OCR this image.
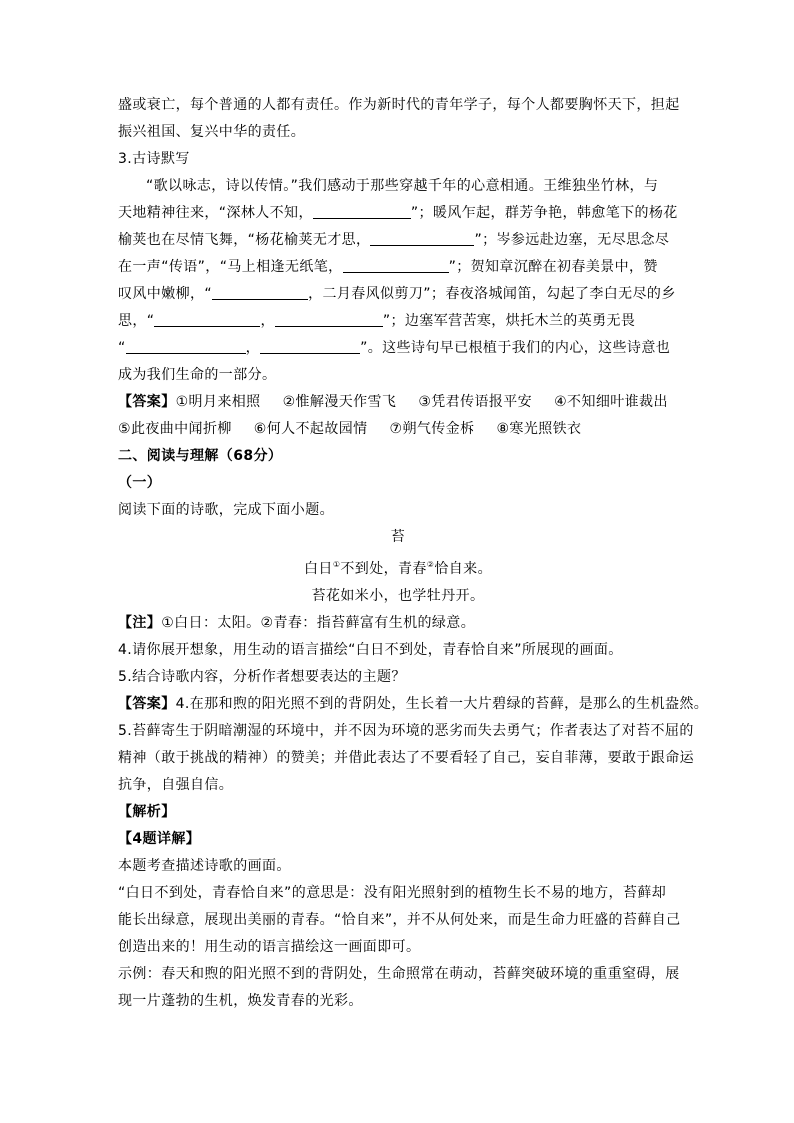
盛或衰亡，每个普通的人都有责任。作为新时代的青年学子，每个人都要胸怀天下，担起
振兴祖国、复兴中华的责任。
3.古诗默写
“歌以咏志，诗以传情。”我们感动于那些穿越千年的心意相通。王维独坐竹林，与
天地精神往来，“深林人不知，	”；暖风乍起，群芳争艳，韩愈笔下的杨花
榆荚也在尽情飞舞，“杨花榆荚无才思，	”；岑参远赴边塞，无尽思念尽
在一声“传语”，“马上相逢无纸笔，	”；贺知章沉醉在初春美景中，赞
叹风中嫩柳，“	，二月春风似剪刀”；春夜洛城闻笛，勾起了李白无尽的乡
思，“	，	”；边塞军营苦寒，烘托木兰的英勇无畏
“	，	”。这些诗句早已根植于我们的内心，这些诗意也
成为我们生命的一部分。
【答案】①明月来相照 ②惟解漫天作雪飞 ③凭君传语报平安 ④不知细叶谁裁出
⑤此夜曲中闻折柳 ⑥何人不起故园情 ⑦朔气传金柝 ⑧寒光照铁衣
二、阅读与理解（68分）
（一）
阅读下面的诗歌，完成下面小题。
苔
白日①不到处，青春②恰自来。
苔花如米小，也学牡丹开。
【注】①白日：太阳。②青春：指苔藓富有生机的绿意。
4.请你展开想象，用生动的语言描绘“白日不到处，青春恰自来”所展现的画面。
5.结合诗歌内容，分析作者想要表达的主题？
【答案】4.在那和煦的阳光照不到的背阴处，生长着一大片碧绿的苔藓，是那么的生机盎然。
5.苔藓寄生于阴暗潮湿的环境中，并不因为环境的恶劣而失去勇气；作者表达了对苔不屈的
精神（敢于挑战的精神）的赞美；并借此表达了不要看轻了自己，妄自菲薄，要敢于跟命运
抗争，自强自信。
【解析】
【4题详解】
本题考查描述诗歌的画面。
“白日不到处，青春恰自来”的意思是：没有阳光照射到的植物生长不易的地方，苔藓却
能长出绿意，展现出美丽的青春。“恰自来”，并不从何处来，而是生命力旺盛的苔藓自己
创造出来的！用生动的语言描绘这一画面即可。
示例：春天和煦的阳光照不到的背阴处，生命照常在萌动，苔藓突破环境的重重窒碍，展
现一片蓬勃的生机，焕发青春的光彩。
